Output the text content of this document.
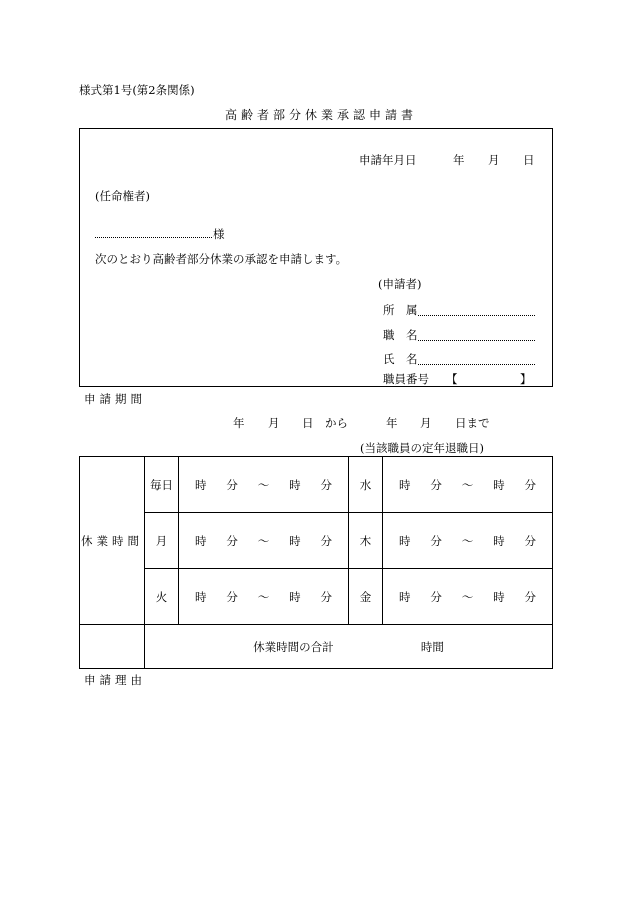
様式第1号(第2条関係)
高齢者部分休業承認申請書
申請年月日	年 月 日
(任命権者)
様
次のとおり高齢者部分休業の承認を申請します。
(申請者)
所　属
職　名
氏　名
職員番号 【	】
申請期間
年 月 日 から	年 月 日まで
(当該職員の定年退職日)
休業時間	毎日	時 分 〜 時 分	水	時 分 〜 時 分

	月	時 分 〜 時 分	木	時 分 〜 時 分

	火	時 分 〜 時 分	金	時 分 〜 時 分

	休業時間の合計 時間			
申請理由
